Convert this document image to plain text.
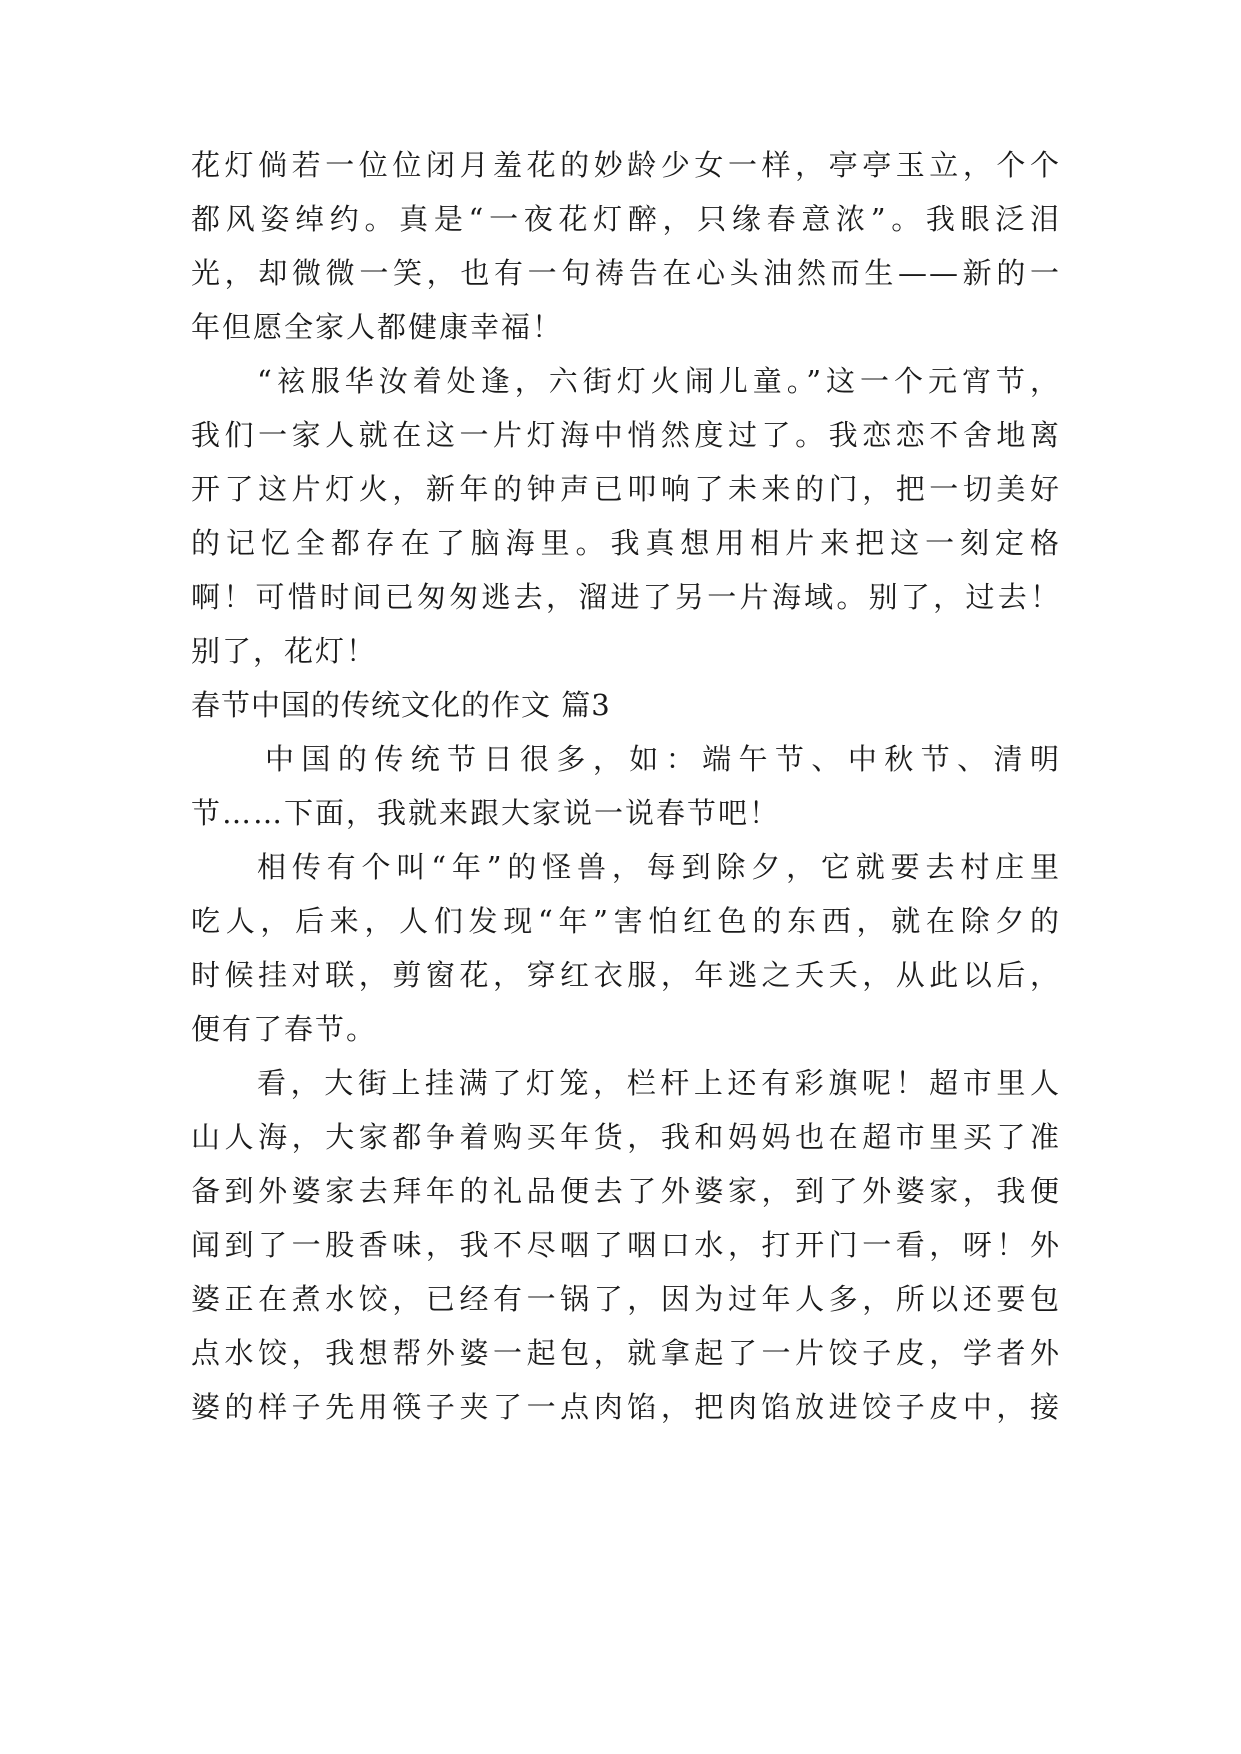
花灯倘若一位位闭月羞花的妙龄少女一样，亭亭玉立，个个
都风姿绰约。真是“一夜花灯醉，只缘春意浓”。我眼泛泪
光，却微微一笑，也有一句祷告在心头油然而生——新的一
年但愿全家人都健康幸福！
“袨服华汝着处逢，六街灯火闹儿童。”这一个元宵节，
我们一家人就在这一片灯海中悄然度过了。我恋恋不舍地离
开了这片灯火，新年的钟声已叩响了未来的门，把一切美好
的记忆全都存在了脑海里。我真想用相片来把这一刻定格
啊！可惜时间已匆匆逃去，溜进了另一片海域。别了，过去！
别了，花灯！
春节中国的传统文化的作文 篇3
中国的传统节日很多，如：端午节、中秋节、清明
节……下面，我就来跟大家说一说春节吧！
相传有个叫“年”的怪兽，每到除夕，它就要去村庄里
吃人，后来，人们发现“年”害怕红色的东西，就在除夕的
时候挂对联，剪窗花，穿红衣服，年逃之夭夭，从此以后，
便有了春节。
看，大街上挂满了灯笼，栏杆上还有彩旗呢！超市里人
山人海，大家都争着购买年货，我和妈妈也在超市里买了准
备到外婆家去拜年的礼品便去了外婆家，到了外婆家，我便
闻到了一股香味，我不尽咽了咽口水，打开门一看，呀！外
婆正在煮水饺，已经有一锅了，因为过年人多，所以还要包
点水饺，我想帮外婆一起包，就拿起了一片饺子皮，学者外
婆的样子先用筷子夹了一点肉馅，把肉馅放进饺子皮中，接
